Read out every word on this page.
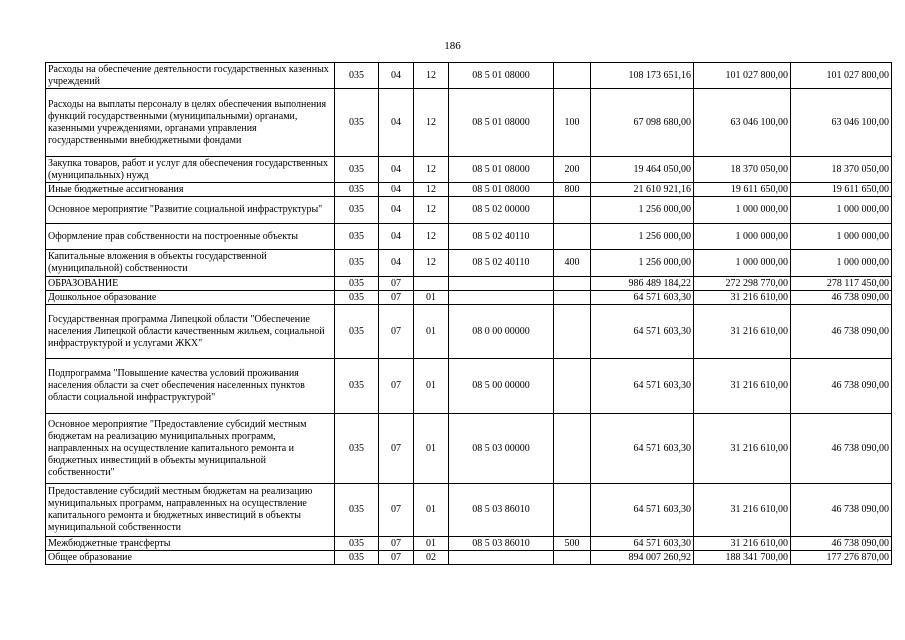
186
Расходы на обеспечение деятельности государственных казенных учреждений	035	04	12	08 5 01 08000		108 173 651,16	101 027 800,00	101 027 800,00
Расходы на выплаты персоналу в целях обеспечения выполнения функций государственными (муниципальными) органами, казенными учреждениями, органами управления государственными внебюджетными фондами	035	04	12	08 5 01 08000	100	67 098 680,00	63 046 100,00	63 046 100,00
Закупка товаров, работ и услуг для обеспечения государственных (муниципальных) нужд	035	04	12	08 5 01 08000	200	19 464 050,00	18 370 050,00	18 370 050,00
Иные бюджетные ассигнования	035	04	12	08 5 01 08000	800	21 610 921,16	19 611 650,00	19 611 650,00
Основное мероприятие "Развитие социальной инфраструктуры"	035	04	12	08 5 02 00000		1 256 000,00	1 000 000,00	1 000 000,00
Оформление прав собственности на построенные объекты	035	04	12	08 5 02 40110		1 256 000,00	1 000 000,00	1 000 000,00
Капитальные вложения в объекты государственной (муниципальной) собственности	035	04	12	08 5 02 40110	400	1 256 000,00	1 000 000,00	1 000 000,00
ОБРАЗОВАНИЕ	035	07				986 489 184,22	272 298 770,00	278 117 450,00
Дошкольное образование	035	07	01			64 571 603,30	31 216 610,00	46 738 090,00
Государственная программа Липецкой области "Обеспечение населения Липецкой области качественным жильем, социальной инфраструктурой и услугами ЖКХ"	035	07	01	08 0 00 00000		64 571 603,30	31 216 610,00	46 738 090,00
Подпрограмма "Повышение качества условий проживания населения области за счет обеспечения населенных пунктов области социальной инфраструктурой"	035	07	01	08 5 00 00000		64 571 603,30	31 216 610,00	46 738 090,00
Основное мероприятие "Предоставление субсидий местным бюджетам на реализацию муниципальных программ, направленных на осуществление капитального ремонта и бюджетных инвестиций в объекты муниципальной собственности"	035	07	01	08 5 03 00000		64 571 603,30	31 216 610,00	46 738 090,00
Предоставление субсидий местным бюджетам на реализацию муниципальных программ, направленных на осуществление капитального ремонта и бюджетных инвестиций в объекты муниципальной собственности	035	07	01	08 5 03 86010		64 571 603,30	31 216 610,00	46 738 090,00
Межбюджетные трансферты	035	07	01	08 5 03 86010	500	64 571 603,30	31 216 610,00	46 738 090,00
Общее образование	035	07	02			894 007 260,92	188 341 700,00	177 276 870,00
